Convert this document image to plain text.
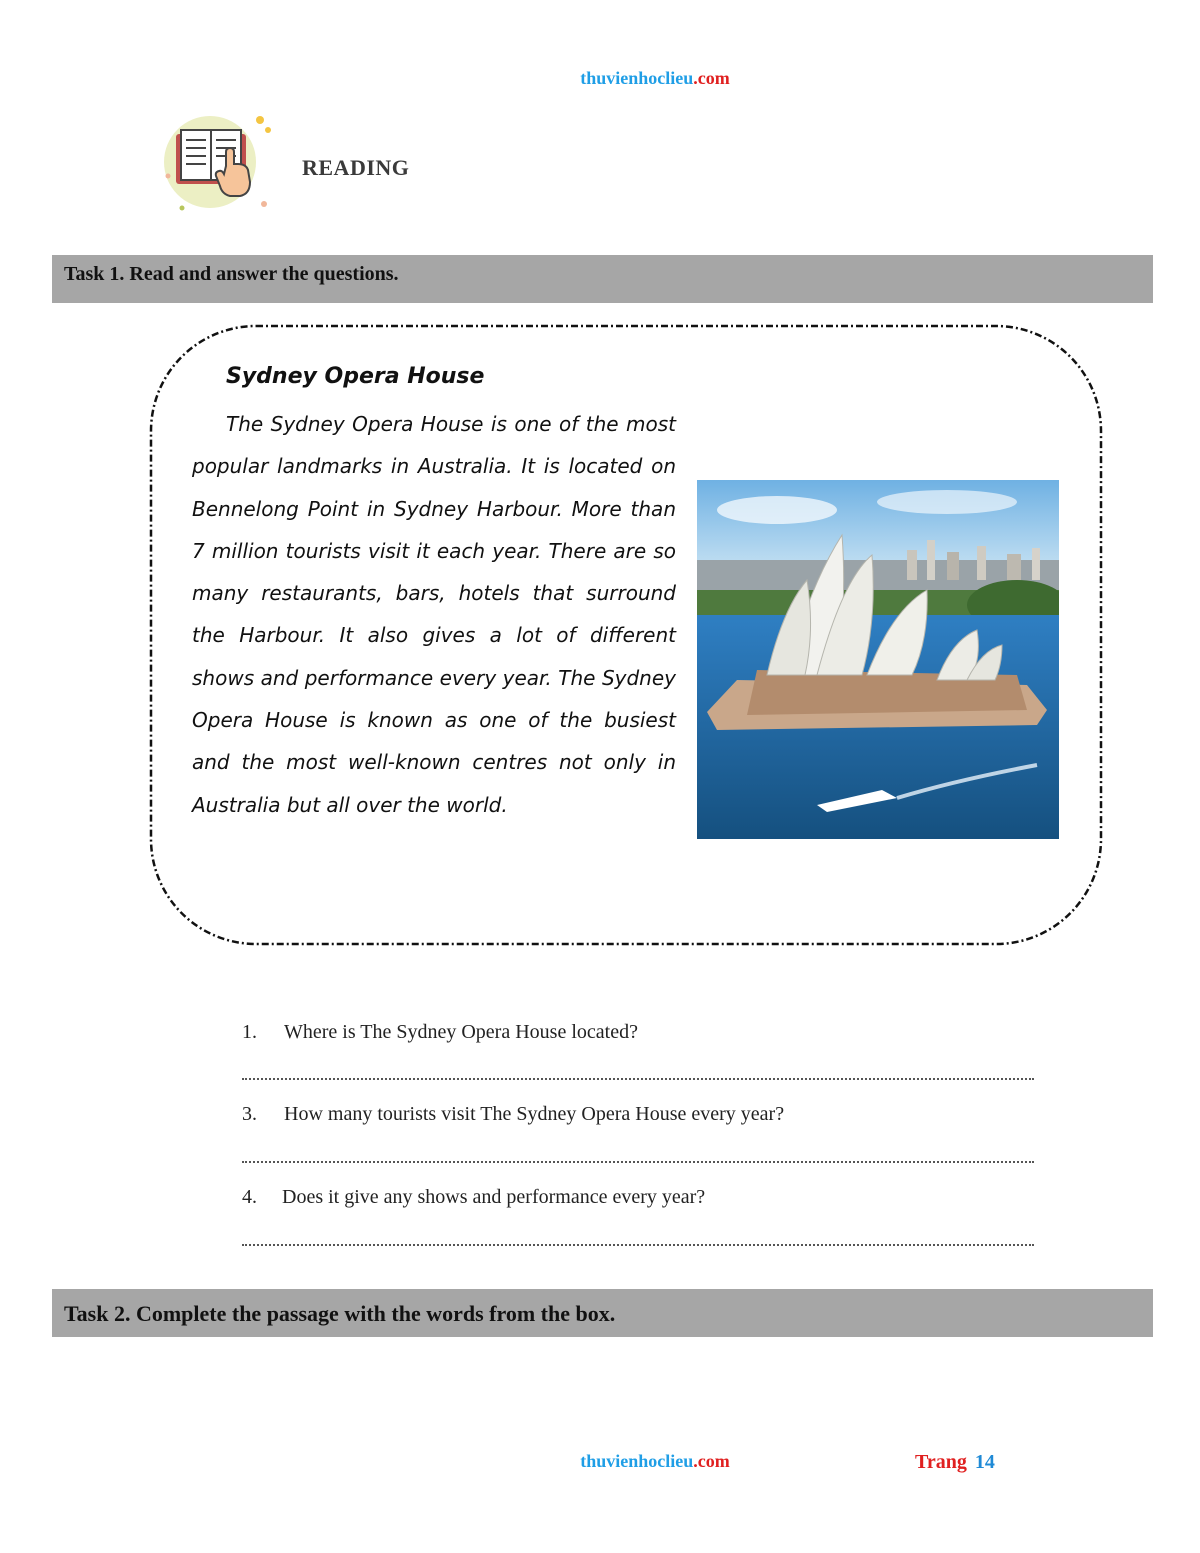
thuvienhoclieu.com
READING
Task 1. Read and answer the questions.
Sydney Opera House

The Sydney Opera House is one of the most popular landmarks in Australia. It is located on Bennelong Point in Sydney Harbour. More than 7 million tourists visit it each year. There are so many restaurants, bars, hotels that surround the Harbour. It also gives a lot of different shows and performance every year. The Sydney Opera House is known as one of the busiest and the most well-known centres not only in Australia but all over the world.

1. Where is The Sydney Opera House located?
3. How many tourists visit The Sydney Opera House every year?
4. Does it give any shows and performance every year?
Task 2. Complete the passage with the words from the box.
thuvienhoclieu.com	Trang 14
